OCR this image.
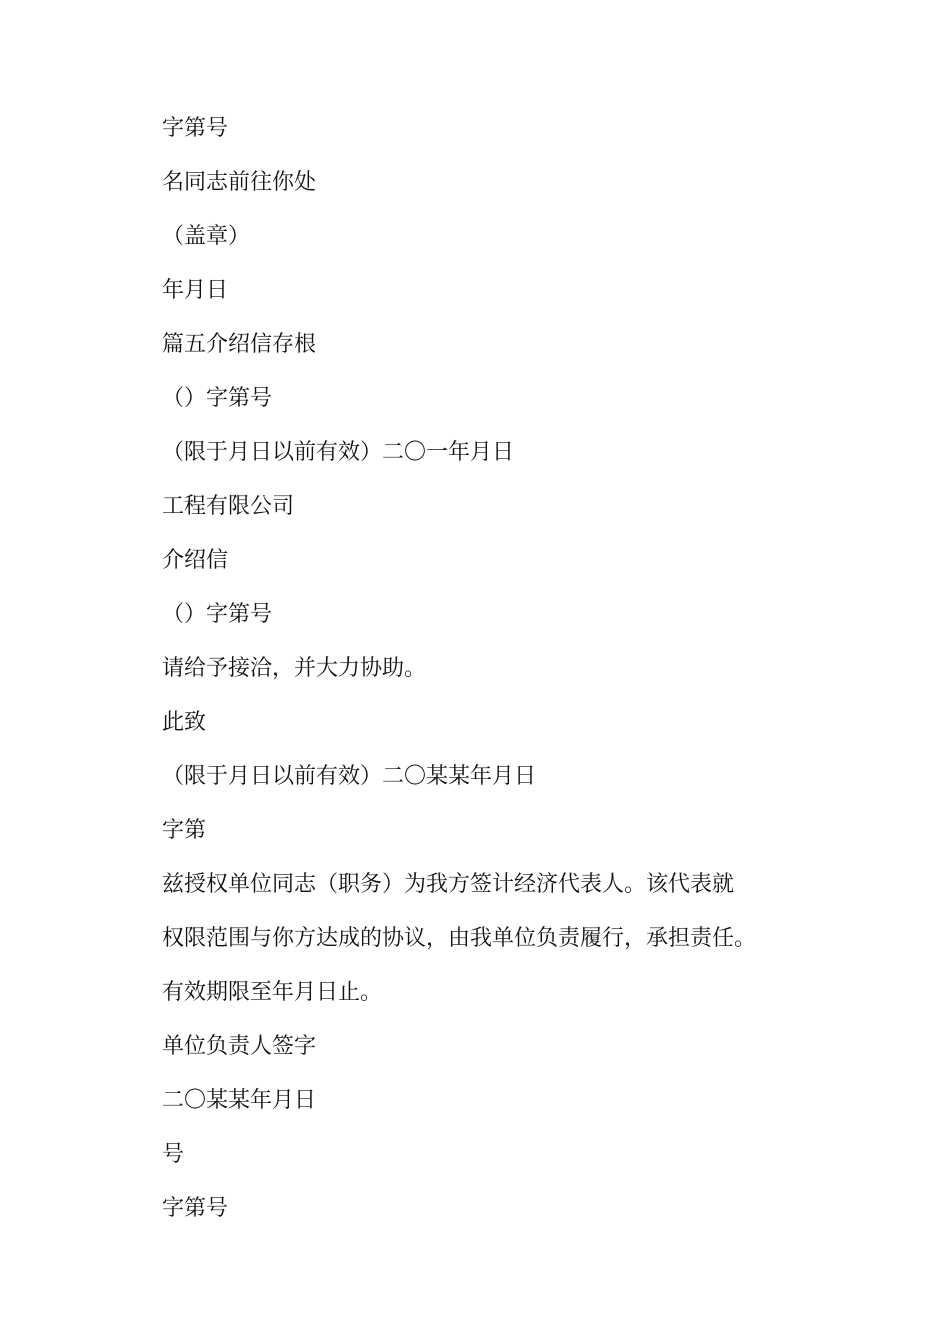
字第号

名同志前往你处

（盖章）

年月日

篇五介绍信存根

（）字第号

（限于月日以前有效）二〇一年月日

工程有限公司

介绍信

（）字第号

请给予接洽，并大力协助。

此致

（限于月日以前有效）二〇某某年月日

字第

兹授权单位同志（职务）为我方签计经济代表人。该代表就

权限范围与你方达成的协议，由我单位负责履行，承担责任。

有效期限至年月日止。

单位负责人签字

二〇某某年月日

号

字第号
